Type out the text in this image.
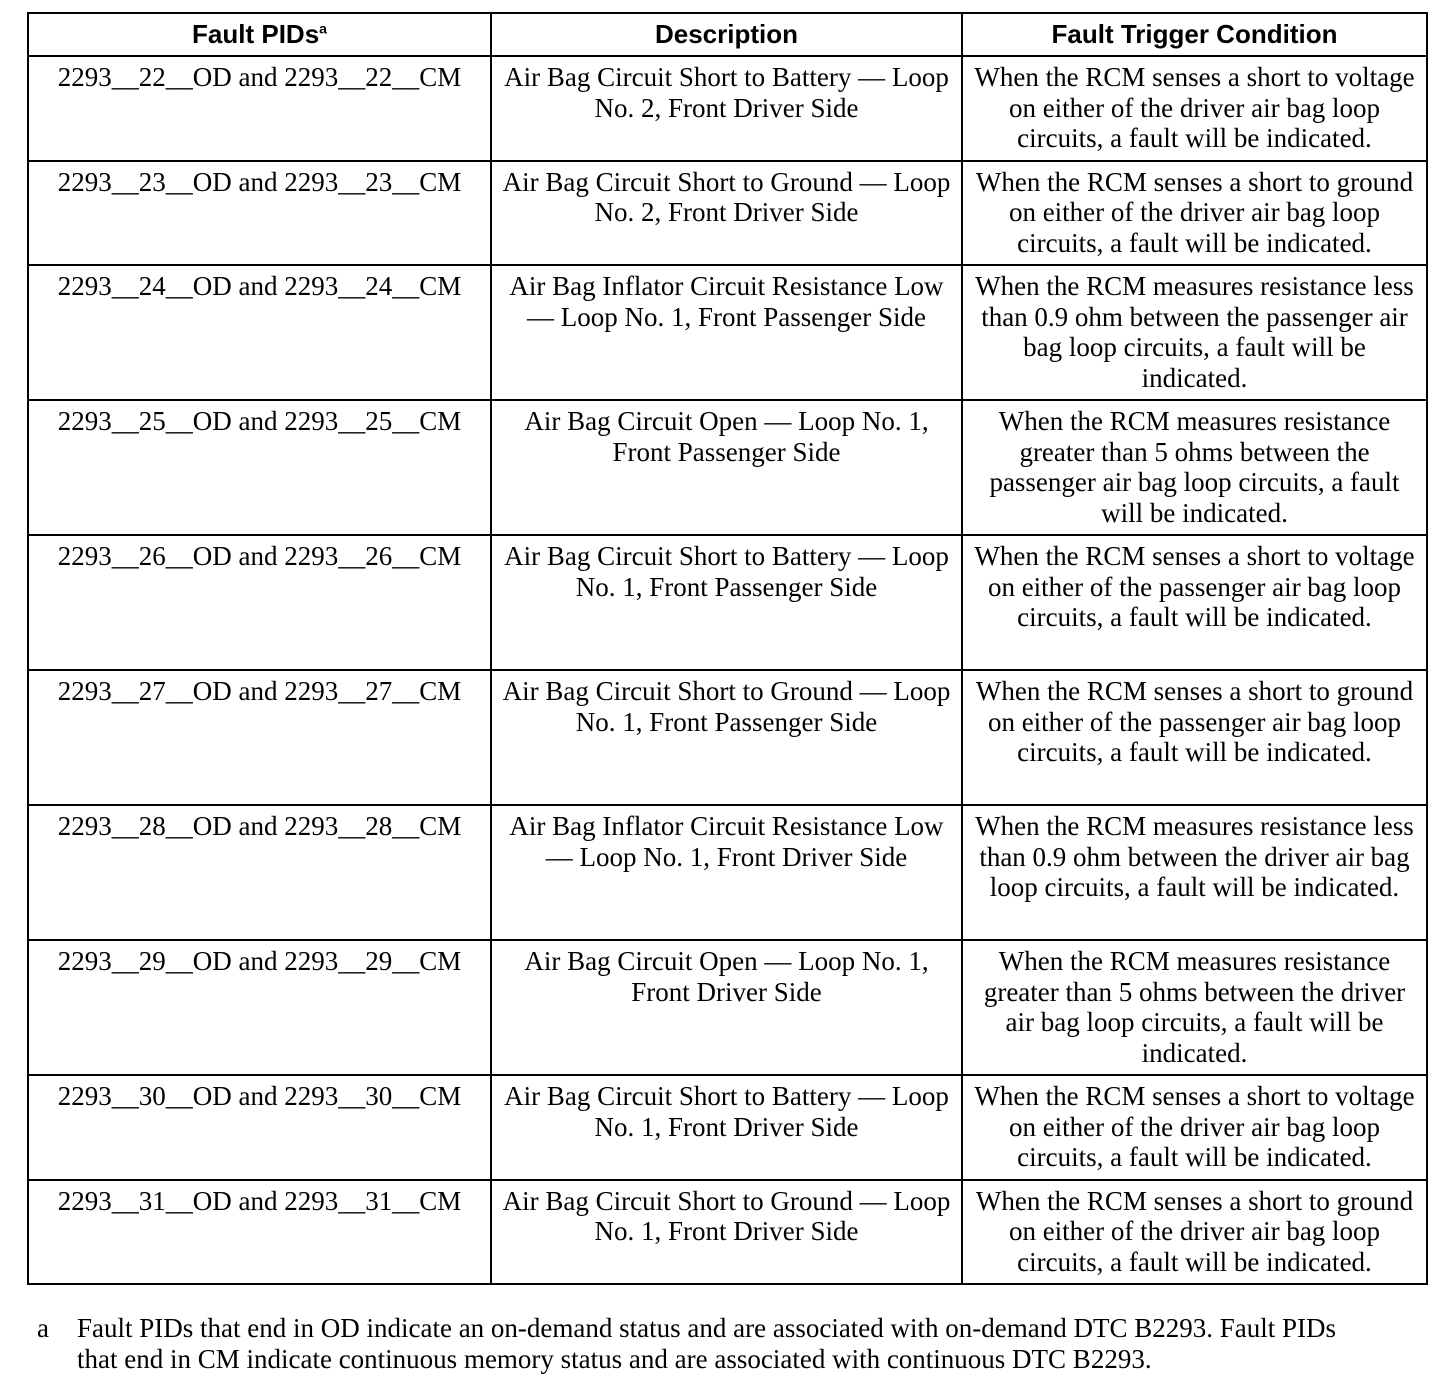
Fault PIDs$^a$	Description	Fault Trigger Condition
2293__22__OD and 2293__22__CM	Air Bag Circuit Short to Battery — Loop No. 2, Front Driver Side	When the RCM senses a short to voltage on either of the driver air bag loop circuits, a fault will be indicated.
2293__23__OD and 2293__23__CM	Air Bag Circuit Short to Ground — Loop No. 2, Front Driver Side	When the RCM senses a short to ground on either of the driver air bag loop circuits, a fault will be indicated.
2293__24__OD and 2293__24__CM	Air Bag Inflator Circuit Resistance Low — Loop No. 1, Front Passenger Side	When the RCM measures resistance less than 0.9 ohm between the passenger air bag loop circuits, a fault will be indicated.
2293__25__OD and 2293__25__CM	Air Bag Circuit Open — Loop No. 1, Front Passenger Side	When the RCM measures resistance greater than 5 ohms between the passenger air bag loop circuits, a fault will be indicated.
2293__26__OD and 2293__26__CM	Air Bag Circuit Short to Battery — Loop No. 1, Front Passenger Side	When the RCM senses a short to voltage on either of the passenger air bag loop circuits, a fault will be indicated.
2293__27__OD and 2293__27__CM	Air Bag Circuit Short to Ground — Loop No. 1, Front Passenger Side	When the RCM senses a short to ground on either of the passenger air bag loop circuits, a fault will be indicated.
2293__28__OD and 2293__28__CM	Air Bag Inflator Circuit Resistance Low — Loop No. 1, Front Driver Side	When the RCM measures resistance less than 0.9 ohm between the driver air bag loop circuits, a fault will be indicated.
2293__29__OD and 2293__29__CM	Air Bag Circuit Open — Loop No. 1, Front Driver Side	When the RCM measures resistance greater than 5 ohms between the driver air bag loop circuits, a fault will be indicated.
2293__30__OD and 2293__30__CM	Air Bag Circuit Short to Battery — Loop No. 1, Front Driver Side	When the RCM senses a short to voltage on either of the driver air bag loop circuits, a fault will be indicated.
2293__31__OD and 2293__31__CM	Air Bag Circuit Short to Ground — Loop No. 1, Front Driver Side	When the RCM senses a short to ground on either of the driver air bag loop circuits, a fault will be indicated.
a	Fault PIDs that end in OD indicate an on-demand status and are associated with on-demand DTC B2293. Fault PIDs that end in CM indicate continuous memory status and are associated with continuous DTC B2293.
